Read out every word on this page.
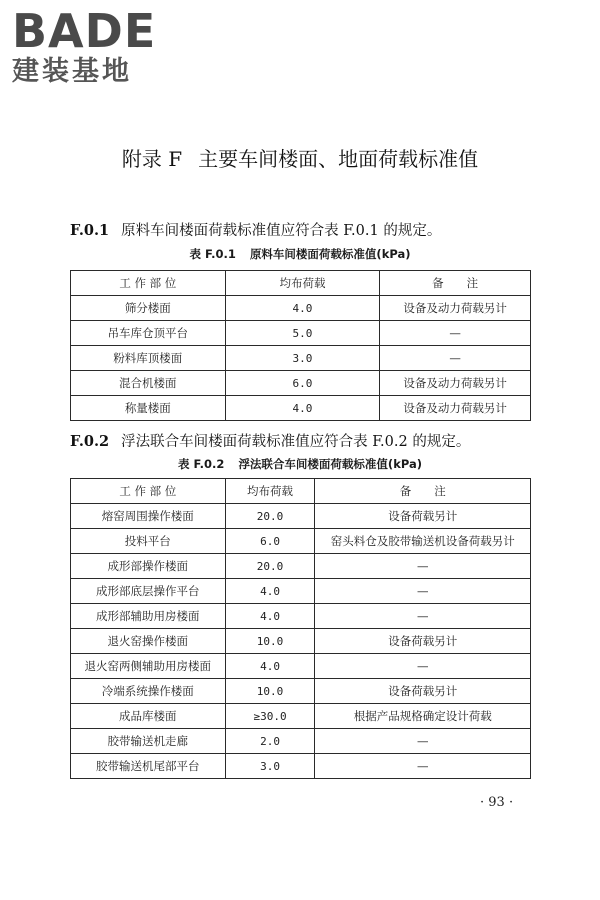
BADE
建装基地
附录 F 主要车间楼面、地面荷载标准值
F.0.1 原料车间楼面荷载标准值应符合表 F.0.1 的规定。
表 F.0.1 原料车间楼面荷载标准值(kPa)
工 作 部 位	均布荷载	备　　注
筛分楼面	4.0	设备及动力荷载另计
吊车库仓顶平台	5.0	—
粉料库顶楼面	3.0	—
混合机楼面	6.0	设备及动力荷载另计
称量楼面	4.0	设备及动力荷载另计
F.0.2 浮法联合车间楼面荷载标准值应符合表 F.0.2 的规定。
表 F.0.2 浮法联合车间楼面荷载标准值(kPa)
工 作 部 位	均布荷载	备　　注
熔窑周围操作楼面	20.0	设备荷载另计
投料平台	6.0	窑头料仓及胶带输送机设备荷载另计
成形部操作楼面	20.0	—
成形部底层操作平台	4.0	—
成形部辅助用房楼面	4.0	—
退火窑操作楼面	10.0	设备荷载另计
退火窑两侧辅助用房楼面	4.0	—
冷端系统操作楼面	10.0	设备荷载另计
成品库楼面	≥30.0	根据产品规格确定设计荷载
胶带输送机走廊	2.0	—
胶带输送机尾部平台	3.0	—
· 93 ·
